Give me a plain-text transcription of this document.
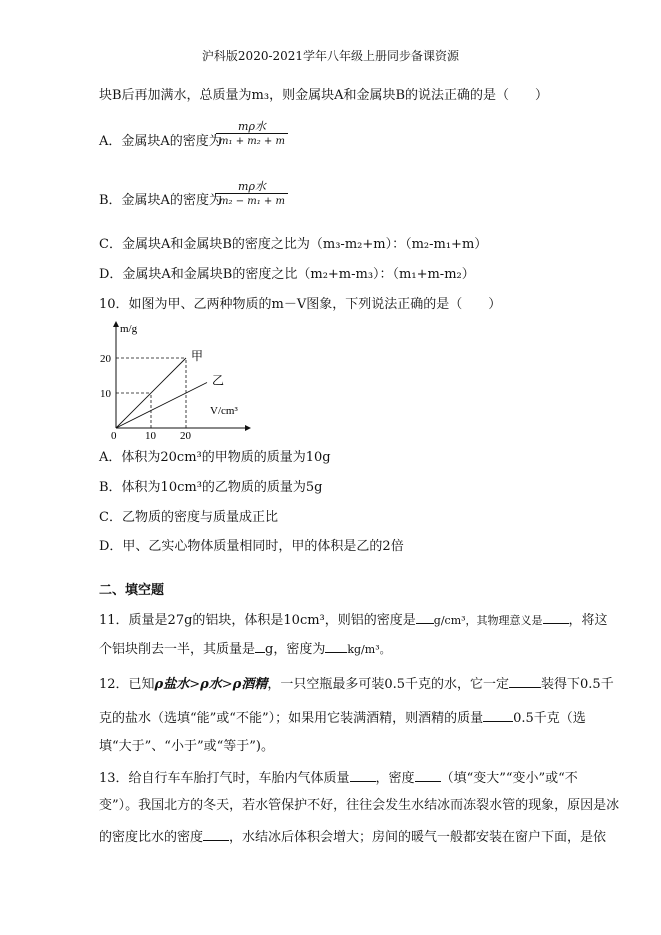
沪科版2020-2021学年八年级上册同步备课资源
块B后再加满水，总质量为m₃，则金属块A和金属块B的说法正确的是（　　）
A．金属块A的密度为
mρ水
m₁ + m₂ + m
B．金属块A的密度为
mρ水
m₂ − m₁ + m
C．金属块A和金属块B的密度之比为（m₃-m₂+m）：（m₂-m₁+m）
D．金属块A和金属块B的密度之比（m₂+m-m₃）：（m₁+m-m₂）
10．如图为甲、乙两种物质的m－V图象，下列说法正确的是（　　）
m/g
V/cm³
0	10 20
10
20	甲
乙
A．体积为20cm³的甲物质的质量为10g
B．体积为10cm³的乙物质的质量为5g
C．乙物质的密度与质量成正比
D．甲、乙实心物体质量相同时，甲的体积是乙的2倍
二、填空题
11．质量是27g的铝块，体积是10cm³，则铝的密度是 g/cm³，其物理意义是 ，将这
个铝块削去一半，其质量是 g，密度为 kg/m³。
12．已知ρ盐水>ρ水>ρ酒精，一只空瓶最多可装0.5千克的水，它一定 装得下0.5千
克的盐水（选填“能”或“不能”）；如果用它装满酒精，则酒精的质量 0.5千克（选
填“大于”、“小于”或“等于”)。
13．给自行车车胎打气时，车胎内气体质量 ，密度 （填“变大”“变小”或“不
变”）。我国北方的冬天，若水管保护不好，往往会发生水结冰而冻裂水管的现象，原因是冰
的密度比水的密度 ，水结冰后体积会增大；房间的暖气一般都安装在窗户下面，是依
